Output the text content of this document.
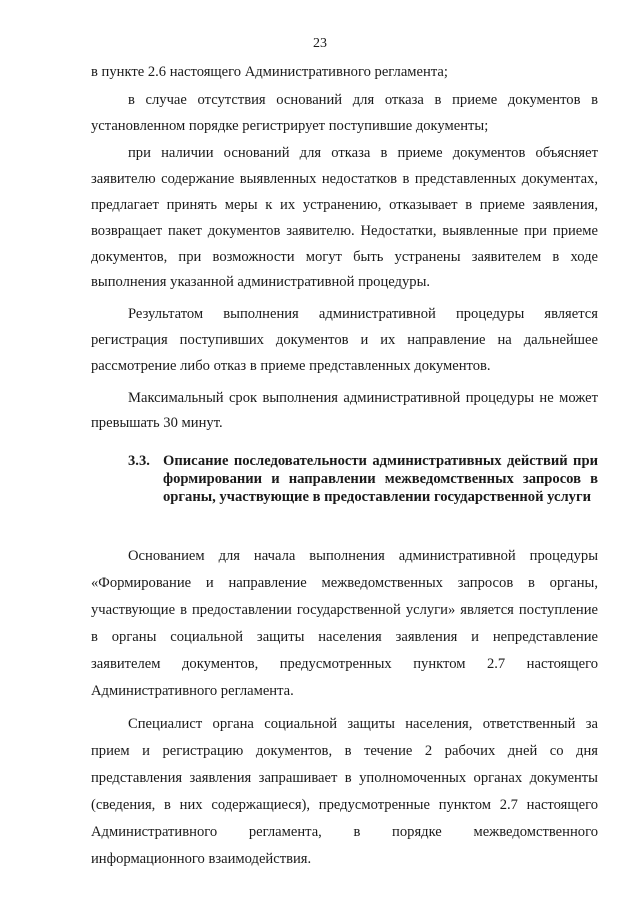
23

в пункте 2.6 настоящего Административного регламента;

в случае отсутствия оснований для отказа в приеме документов в установленном порядке регистрирует поступившие документы;

при наличии оснований для отказа в приеме документов объясняет заявителю содержание выявленных недостатков в представленных документах, предлагает принять меры к их устранению, отказывает в приеме заявления, возвращает пакет документов заявителю. Недостатки, выявленные при приеме документов, при возможности могут быть устранены заявителем в ходе выполнения указанной административной процедуры.

Результатом выполнения административной процедуры является регистрация поступивших документов и их направление на дальнейшее рассмотрение либо отказ в приеме представленных документов.

Максимальный срок выполнения административной процедуры не может превышать 30 минут.

3.3. Описание последовательности административных действий при формировании и направлении межведомственных запросов в органы, участвующие в предоставлении государственной услуги

Основанием для начала выполнения административной процедуры «Формирование и направление межведомственных запросов в органы, участвующие в предоставлении государственной услуги» является поступление в органы социальной защиты населения заявления и непредставление заявителем документов, предусмотренных пунктом 2.7 настоящего Административного регламента.

Специалист органа социальной защиты населения, ответственный за прием и регистрацию документов, в течение 2 рабочих дней со дня представления заявления запрашивает в уполномоченных органах документы (сведения, в них содержащиеся), предусмотренные пунктом 2.7 настоящего Административного регламента, в порядке межведомственного информационного взаимодействия.
